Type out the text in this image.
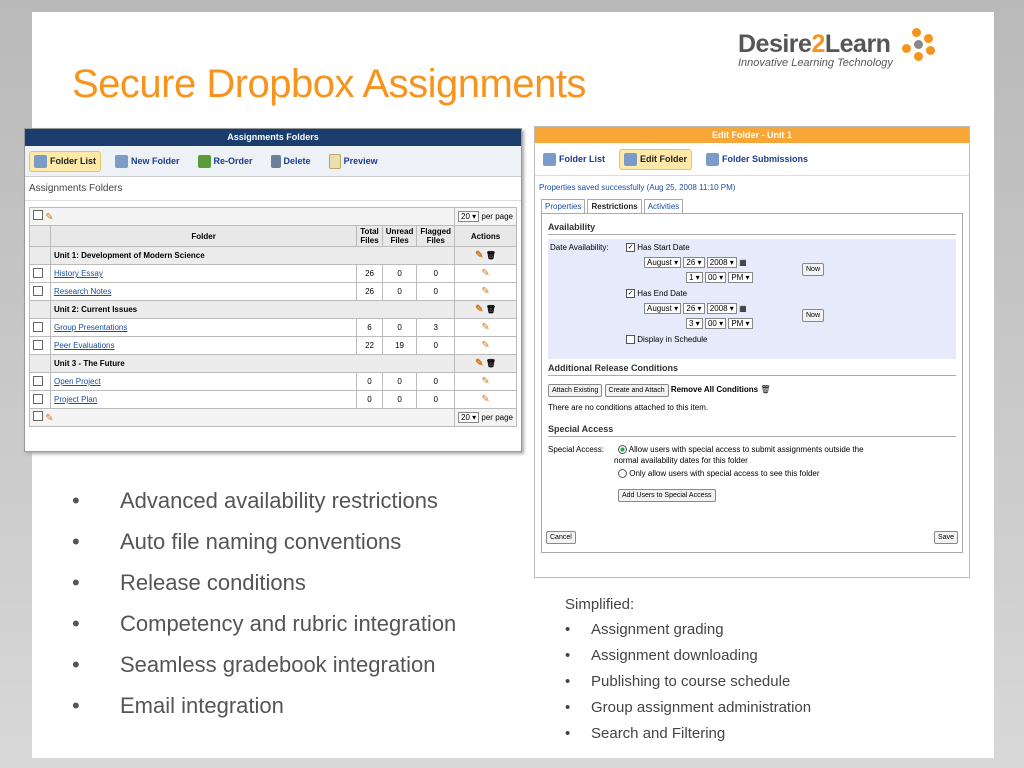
Secure Dropbox Assignments
Desire2Learn
Innovative Learning Technology
Assignments Folders
Folder List	New Folder	Re-Order	Delete	Preview
Assignments Folders
✎					20 ▾ per page
	Folder	Total Files	Unread Files	Flagged Files	Actions
	Unit 1: Development of Modern Science				✎ 🗑
	History Essay	26	0	0	✎
	Research Notes	26	0	0	✎
	Unit 2: Current Issues				✎ 🗑
	Group Presentations	6	0	3	✎
	Peer Evaluations	22	19	0	✎
	Unit 3 - The Future				✎ 🗑
	Open Project	0	0	0	✎
	Project Plan	0	0	0	✎
✎					20 ▾ per page
• Advanced availability restrictions
• Auto file naming conventions
• Release conditions
• Competency and rubric integration
• Seamless gradebook integration
• Email integration
Edit Folder - Unit 1
Folder List	Edit Folder	Folder Submissions
Properties saved successfully (Aug 25, 2008 11:10 PM)
Properties	Restrictions	Activities
Availability
Date Availability:	✓ Has Start Date
August ▾ 26 ▾ 2008 ▾ ▦
1 ▾ 00 ▾ PM ▾
Now
✓ Has End Date
August ▾ 26 ▾ 2008 ▾ ▦
3 ▾ 00 ▾ PM ▾
Now
Display in Schedule
Additional Release Conditions
Attach Existing Create and Attach Remove All Conditions 🗑
There are no conditions attached to this item.
Special Access
Special Access:	Allow users with special access to submit assignments outside the
normal availability dates for this folder
Only allow users with special access to see this folder
Add Users to Special Access
Cancel	Save
Simplified:
• Assignment grading
• Assignment downloading
• Publishing to course schedule
• Group assignment administration
• Search and Filtering
